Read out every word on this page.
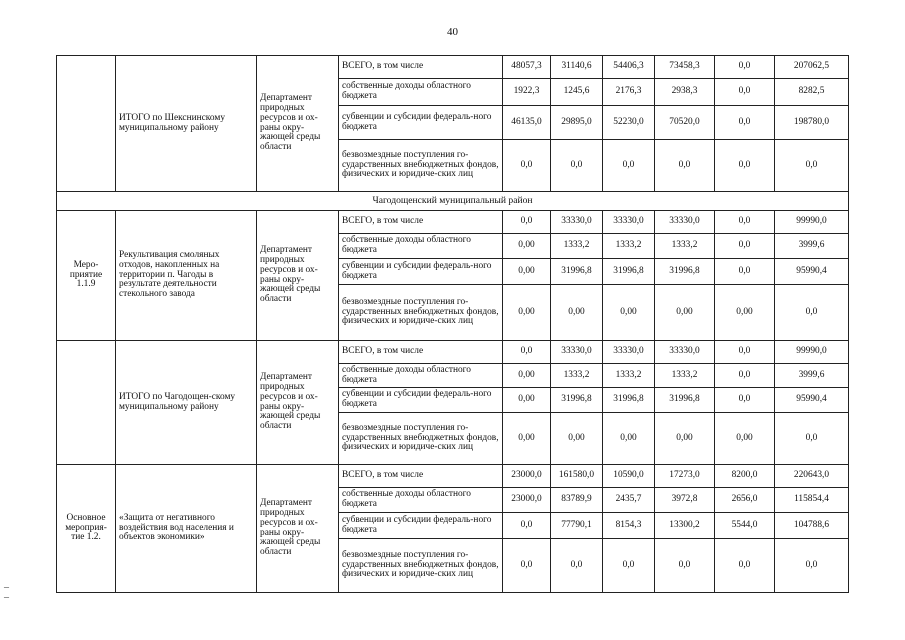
40
	ИТОГО по Шекснинскому муниципальному району	Департамент природных ресурсов и ох-раны окру-жающей среды области	ВСЕГО, в том числе	48057,3	31140,6	54406,3	73458,3	0,0	207062,5
			собственные доходы областного бюджета	1922,3	1245,6	2176,3	2938,3	0,0	8282,5
			субвенции и субсидии федераль-ного бюджета	46135,0	29895,0	52230,0	70520,0	0,0	198780,0
			безвозмездные поступления го-сударственных внебюджетных фондов, физических и юридиче-ских лиц	0,0	0,0	0,0	0,0	0,0	0,0
Чагодощенский муниципальный район									
Меро-приятие 1.1.9	Рекультивация смоляных отходов, накопленных на территории п. Чагоды в результате деятельности стекольного завода	Департамент природных ресурсов и ох-раны окру-жающей среды области	ВСЕГО, в том числе	0,0	33330,0	33330,0	33330,0	0,0	99990,0
			собственные доходы областного бюджета	0,00	1333,2	1333,2	1333,2	0,0	3999,6
			субвенции и субсидии федераль-ного бюджета	0,00	31996,8	31996,8	31996,8	0,0	95990,4
			безвозмездные поступления го-сударственных внебюджетных фондов, физических и юридиче-ских лиц	0,00	0,00	0,00	0,00	0,00	0,0
	ИТОГО по Чагодощен-скому муниципальному району	Департамент природных ресурсов и ох-раны окру-жающей среды области	ВСЕГО, в том числе	0,0	33330,0	33330,0	33330,0	0,0	99990,0
			собственные доходы областного бюджета	0,00	1333,2	1333,2	1333,2	0,0	3999,6
			субвенции и субсидии федераль-ного бюджета	0,00	31996,8	31996,8	31996,8	0,0	95990,4
			безвозмездные поступления го-сударственных внебюджетных фондов, физических и юридиче-ских лиц	0,00	0,00	0,00	0,00	0,00	0,0
Основное мероприя-тие 1.2.	«Защита от негативного воздействия вод населения и объектов экономики»	Департамент природных ресурсов и ох-раны окру-жающей среды области	ВСЕГО, в том числе	23000,0	161580,0	10590,0	17273,0	8200,0	220643,0
			собственные доходы областного бюджета	23000,0	83789,9	2435,7	3972,8	2656,0	115854,4
			субвенции и субсидии федераль-ного бюджета	0,0	77790,1	8154,3	13300,2	5544,0	104788,6
			безвозмездные поступления го-сударственных внебюджетных фондов, физических и юридиче-ских лиц	0,0	0,0	0,0	0,0	0,0	0,0
–
–
